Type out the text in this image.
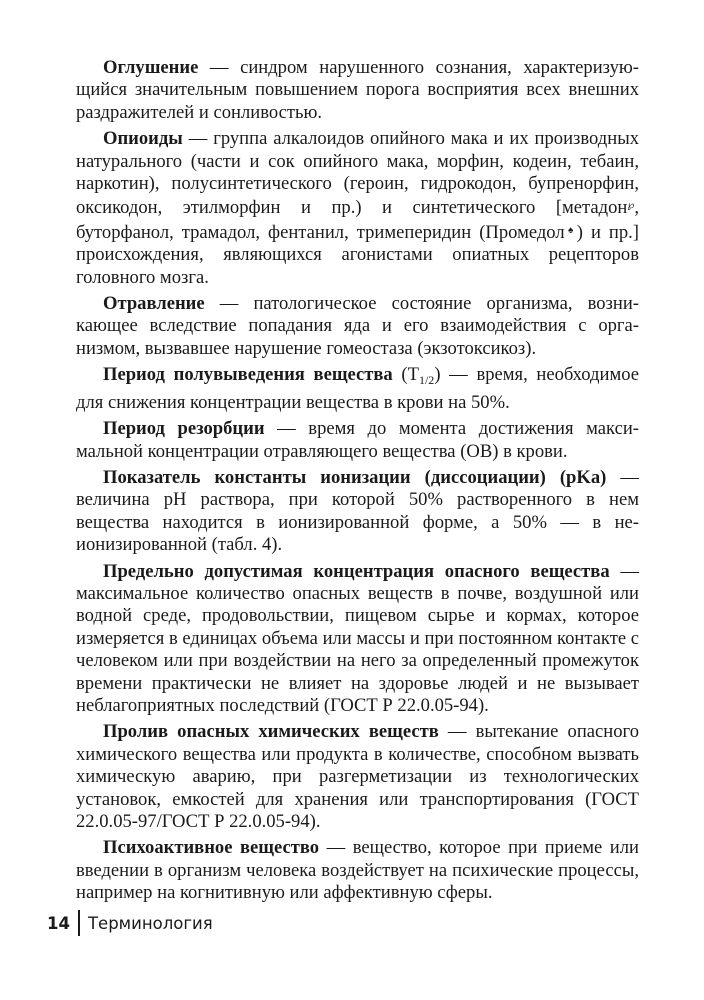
Оглушение — синдром нарушенного сознания, характеризующийся значительным повышением порога восприятия всех внешних раздражителей и сонливостью.

Опиоиды — группа алкалоидов опийного мака и их производных натурального (части и сок опийного мака, морфин, кодеин, тебаин, наркотин), полусинтетического (героин, гидрокодон, бупренорфин, оксикодон, этилморфин и пр.) и синтетического [метадон℘, буторфанол, трамадол, фентанил, тримеперидин (Промедол♠) и пр.] происхождения, являющихся агонистами опиатных рецепторов головного мозга.

Отравление — патологическое состояние организма, возникающее вследствие попадания яда и его взаимодействия с организмом, вызвавшее нарушение гомеостаза (экзотоксикоз).

Период полувыведения вещества $(T_{1/2})$ — время, необходимое для снижения концентрации вещества в крови на 50%.

Период резорбции — время до момента достижения максимальной концентрации отравляющего вещества (ОВ) в крови.

Показатель константы ионизации (диссоциации) (pKa) — величина pH раствора, при которой 50% растворенного в нем вещества находится в ионизированной форме, а 50% — в неионизированной (табл. 4).

Предельно допустимая концентрация опасного вещества — максимальное количество опасных веществ в почве, воздушной или водной среде, продовольствии, пищевом сырье и кормах, которое измеряется в единицах объема или массы и при постоянном контакте с человеком или при воздействии на него за определенный промежуток времени практически не влияет на здоровье людей и не вызывает неблагоприятных последствий (ГОСТ Р 22.0.05-94).

Пролив опасных химических веществ — вытекание опасного химического вещества или продукта в количестве, способном вызвать химическую аварию, при разгерметизации из технологических установок, емкостей для хранения или транспортирования (ГОСТ 22.0.05-97/ГОСТ Р 22.0.05-94).

Психоактивное вещество — вещество, которое при приеме или введении в организм человека воздействует на психические процессы, например на когнитивную или аффективную сферы.

14	Терминология
